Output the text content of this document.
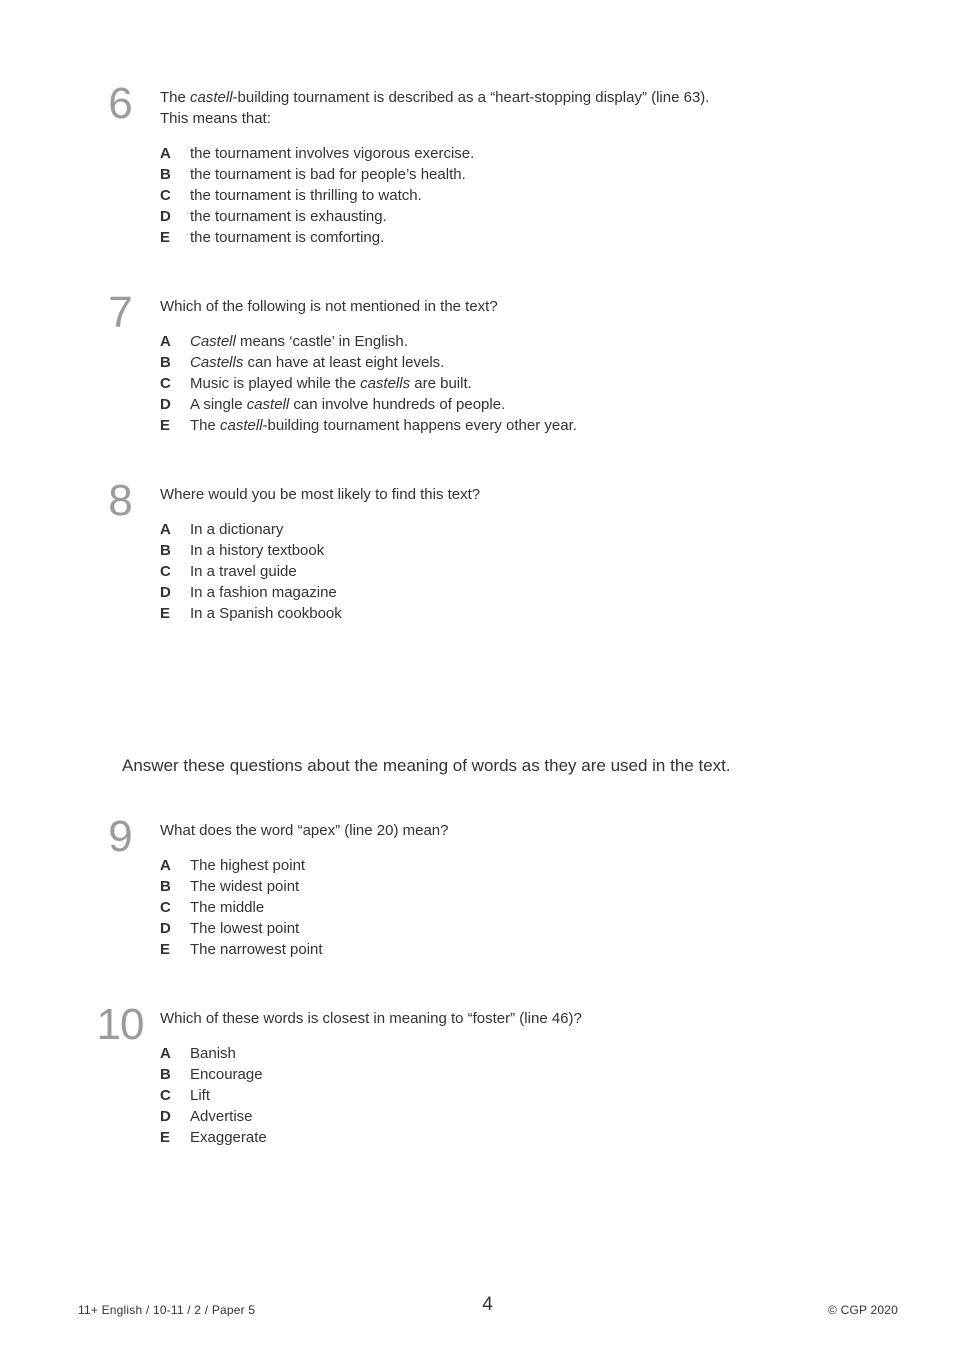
6	The castell-building tournament is described as a “heart-stopping display” (line 63).
This means that:

A	the tournament involves vigorous exercise.
B	the tournament is bad for people’s health.
C	the tournament is thrilling to watch.
D	the tournament is exhausting.
E	the tournament is comforting.
7	Which of the following is not mentioned in the text?

A	Castell means ‘castle’ in English.
B	Castells can have at least eight levels.
C	Music is played while the castells are built.
D	A single castell can involve hundreds of people.
E	The castell-building tournament happens every other year.
8	Where would you be most likely to find this text?

A	In a dictionary
B	In a history textbook
C	In a travel guide
D	In a fashion magazine
E	In a Spanish cookbook

Answer these questions about the meaning of words as they are used in the text.

9	What does the word “apex” (line 20) mean?

A	The highest point
B	The widest point
C	The middle
D	The lowest point
E	The narrowest point
10	Which of these words is closest in meaning to “foster” (line 46)?

A	Banish
B	Encourage
C	Lift
D	Advertise
E	Exaggerate
11+ English / 10-11 / 2 / Paper 5	4	© CGP 2020
